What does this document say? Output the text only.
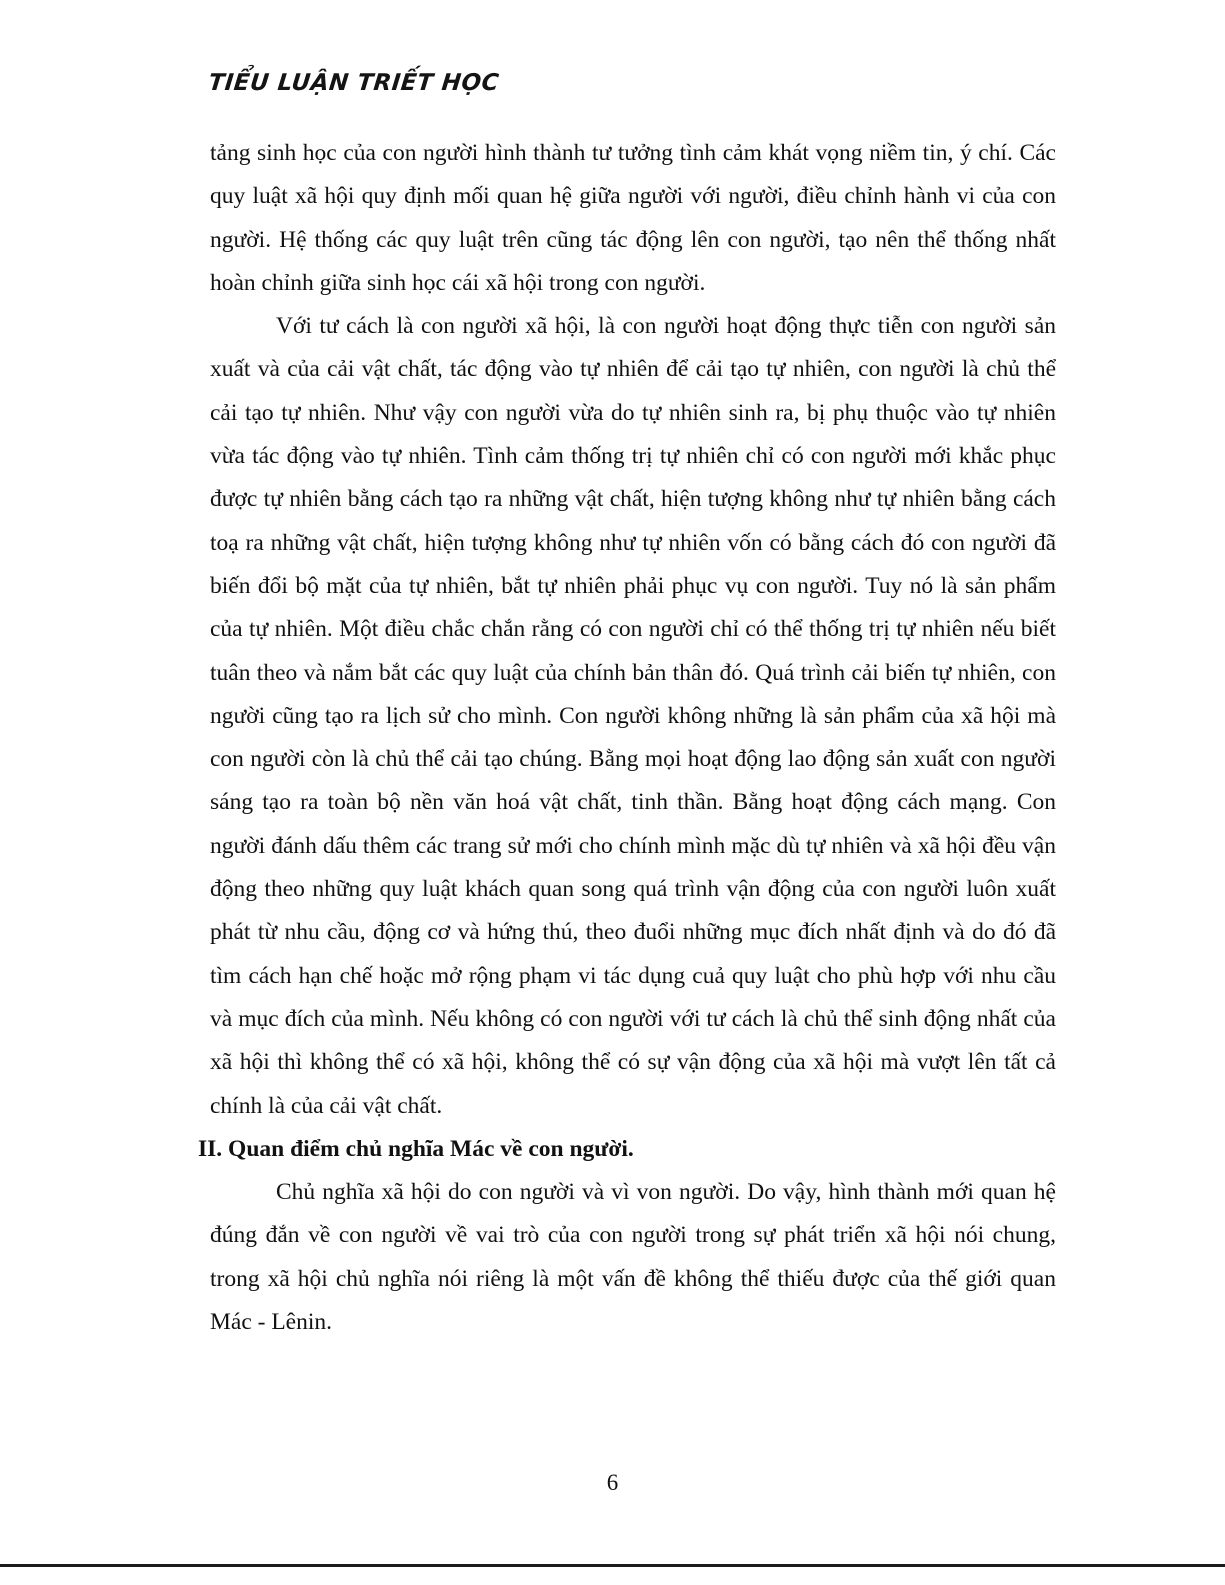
TIỂU LUẬN TRIẾT HỌC

tảng sinh học của con người hình thành tư tưởng tình cảm khát vọng niềm tin, ý chí. Các quy luật xã hội quy định mối quan hệ giữa người với người, điều chỉnh hành vi của con người. Hệ thống các quy luật trên cũng tác động lên con người, tạo nên thể thống nhất hoàn chỉnh giữa sinh học cái xã hội trong con người.

Với tư cách là con người xã hội, là con người hoạt động thực tiễn con người sản xuất và của cải vật chất, tác động vào tự nhiên để cải tạo tự nhiên, con người là chủ thể cải tạo tự nhiên. Như vậy con người vừa do tự nhiên sinh ra, bị phụ thuộc vào tự nhiên vừa tác động vào tự nhiên. Tình cảm thống trị tự nhiên chỉ có con người mới khắc phục được tự nhiên bằng cách tạo ra những vật chất, hiện tượng không như tự nhiên bằng cách toạ ra những vật chất, hiện tượng không như tự nhiên vốn có bằng cách đó con người đã biến đổi bộ mặt của tự nhiên, bắt tự nhiên phải phục vụ con người. Tuy nó là sản phẩm của tự nhiên. Một điều chắc chắn rằng có con người chỉ có thể thống trị tự nhiên nếu biết tuân theo và nắm bắt các quy luật của chính bản thân đó. Quá trình cải biến tự nhiên, con người cũng tạo ra lịch sử cho mình. Con người không những là sản phẩm của xã hội mà con người còn là chủ thể cải tạo chúng. Bằng mọi hoạt động lao động sản xuất con người sáng tạo ra toàn bộ nền văn hoá vật chất, tinh thần. Bằng hoạt động cách mạng. Con người đánh dấu thêm các trang sử mới cho chính mình mặc dù tự nhiên và xã hội đều vận động theo những quy luật khách quan song quá trình vận động của con người luôn xuất phát từ nhu cầu, động cơ và hứng thú, theo đuổi những mục đích nhất định và do đó đã tìm cách hạn chế hoặc mở rộng phạm vi tác dụng cuả quy luật cho phù hợp với nhu cầu và mục đích của mình. Nếu không có con người với tư cách là chủ thể sinh động nhất của xã hội thì không thể có xã hội, không thể có sự vận động của xã hội mà vượt lên tất cả chính là của cải vật chất.

II. Quan điểm chủ nghĩa Mác về con người.

Chủ nghĩa xã hội do con người và vì von người. Do vậy, hình thành mới quan hệ đúng đắn về con người về vai trò của con người trong sự phát triển xã hội nói chung, trong xã hội chủ nghĩa nói riêng là một vấn đề không thể thiếu được của thế giới quan Mác - Lênin.

6
